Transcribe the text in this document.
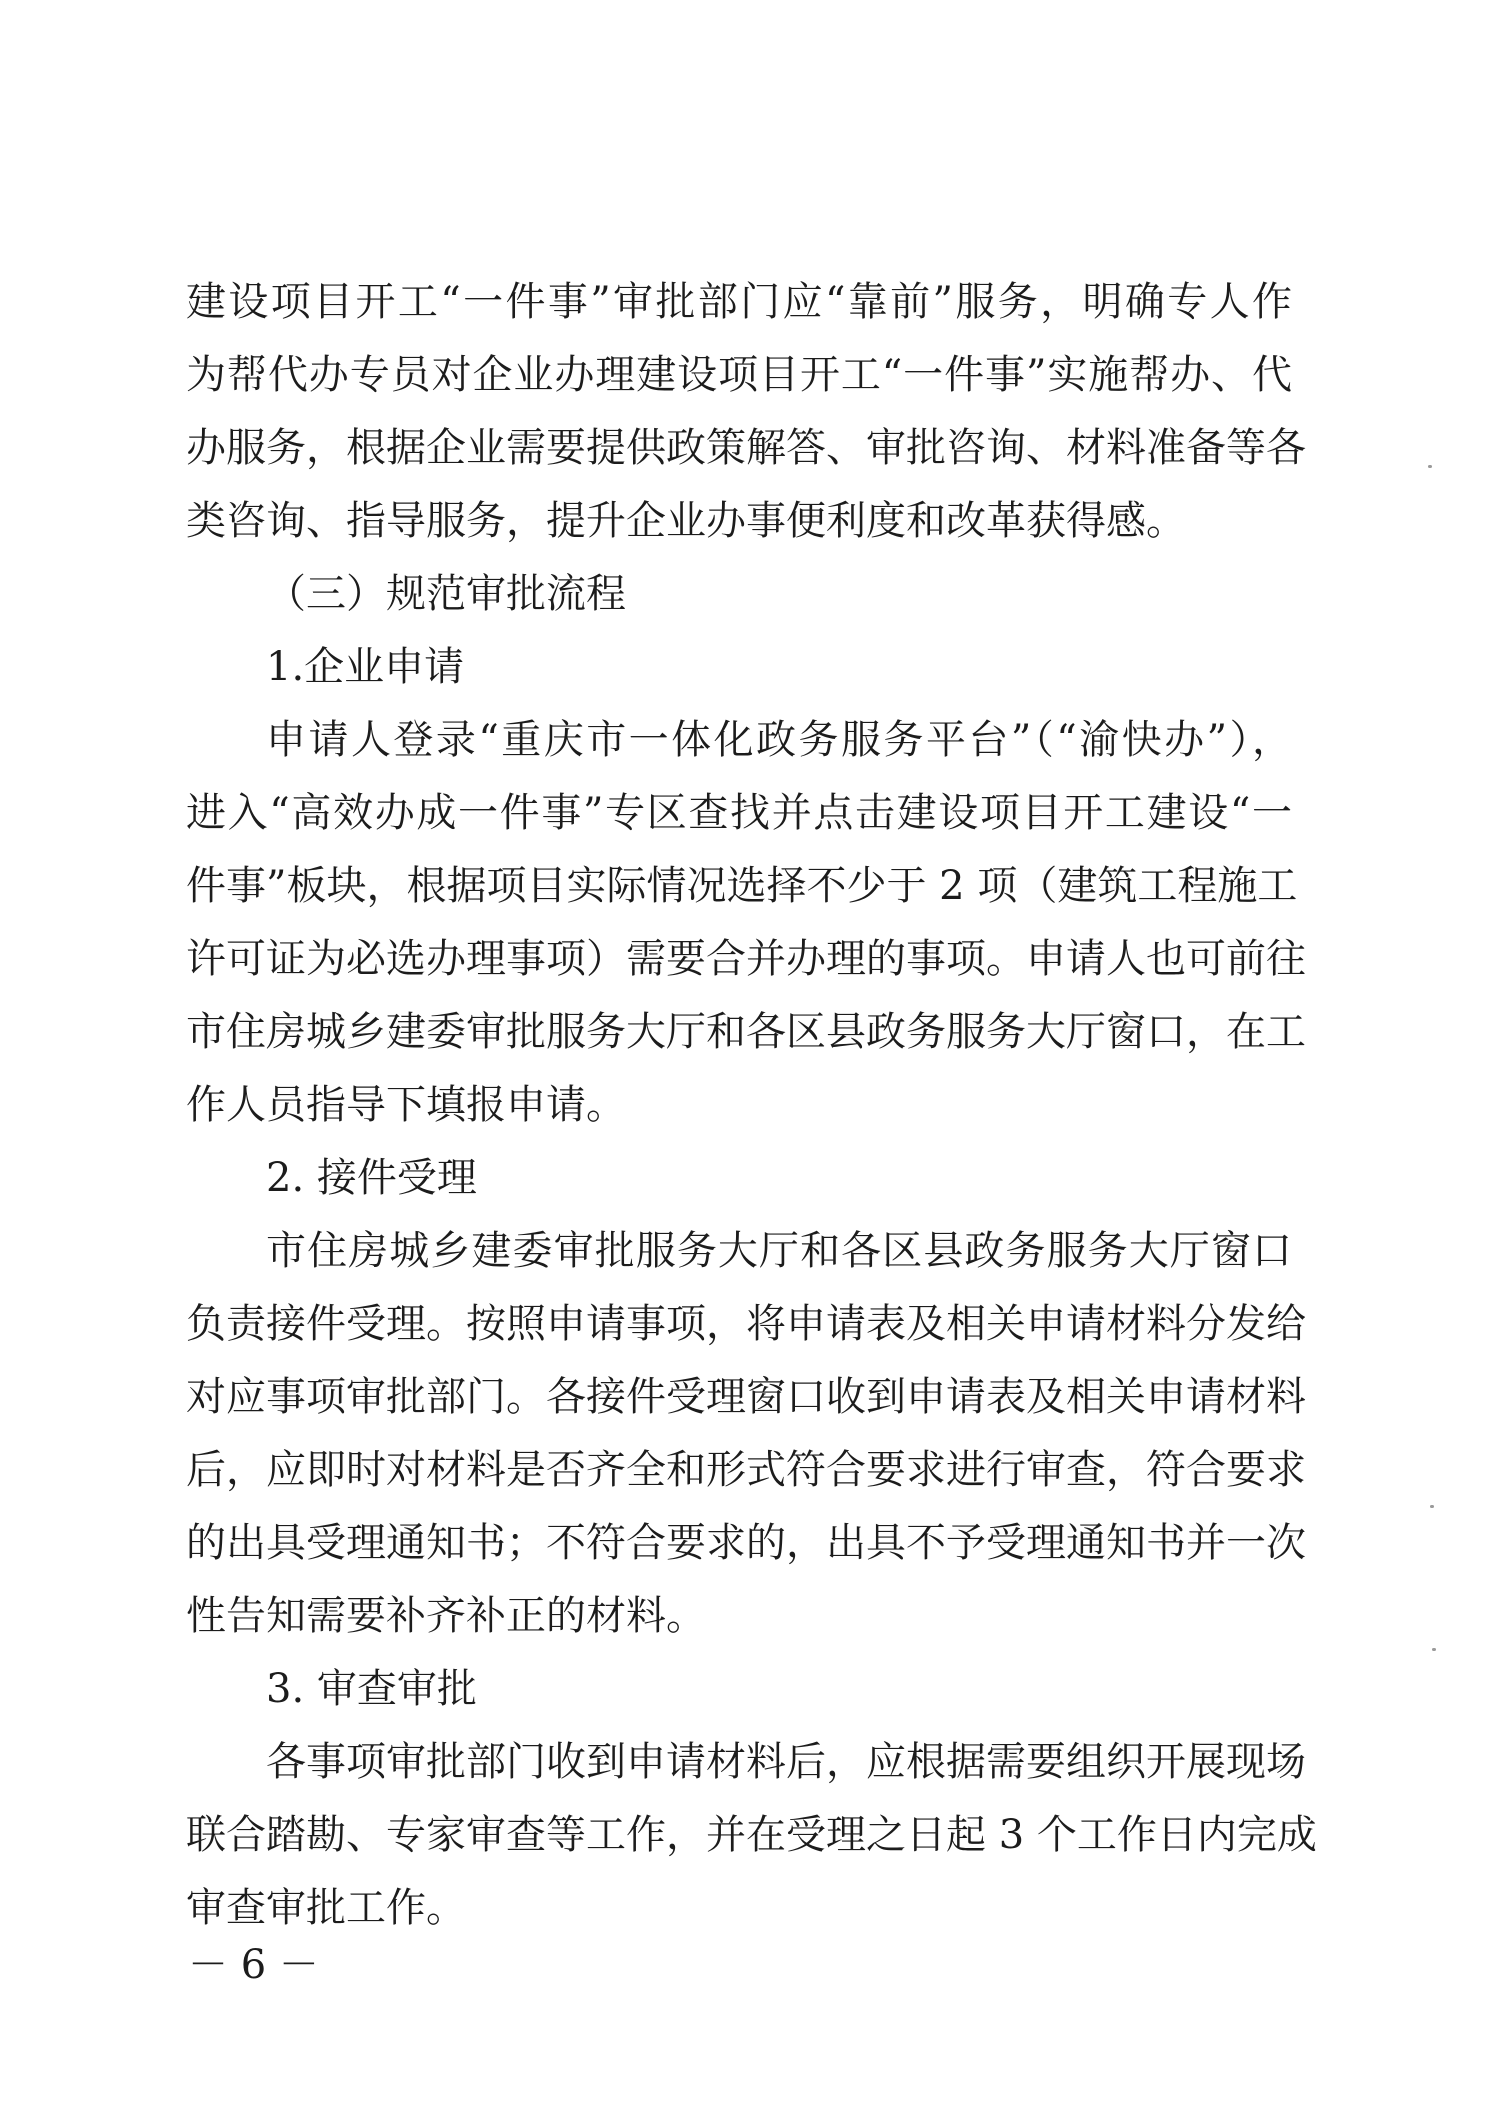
建设项目开工“一件事”审批部门应“靠前”服务，明确专人作
为帮代办专员对企业办理建设项目开工“一件事”实施帮办、代
办服务，根据企业需要提供政策解答、审批咨询、材料准备等各
类咨询、指导服务，提升企业办事便利度和改革获得感。
（三）规范审批流程
1.企业申请
申请人登录“重庆市一体化政务服务平台”（“渝快办”），
进入“高效办成一件事”专区查找并点击建设项目开工建设“一
件事”板块，根据项目实际情况选择不少于 2 项（建筑工程施工
许可证为必选办理事项）需要合并办理的事项。申请人也可前往
市住房城乡建委审批服务大厅和各区县政务服务大厅窗口，在工
作人员指导下填报申请。
2. 接件受理
市住房城乡建委审批服务大厅和各区县政务服务大厅窗口
负责接件受理。按照申请事项，将申请表及相关申请材料分发给
对应事项审批部门。各接件受理窗口收到申请表及相关申请材料
后，应即时对材料是否齐全和形式符合要求进行审查，符合要求
的出具受理通知书；不符合要求的，出具不予受理通知书并一次
性告知需要补齐补正的材料。
3. 审查审批
各事项审批部门收到申请材料后，应根据需要组织开展现场
联合踏勘、专家审查等工作，并在受理之日起 3 个工作日内完成
审查审批工作。
－ 6 －
